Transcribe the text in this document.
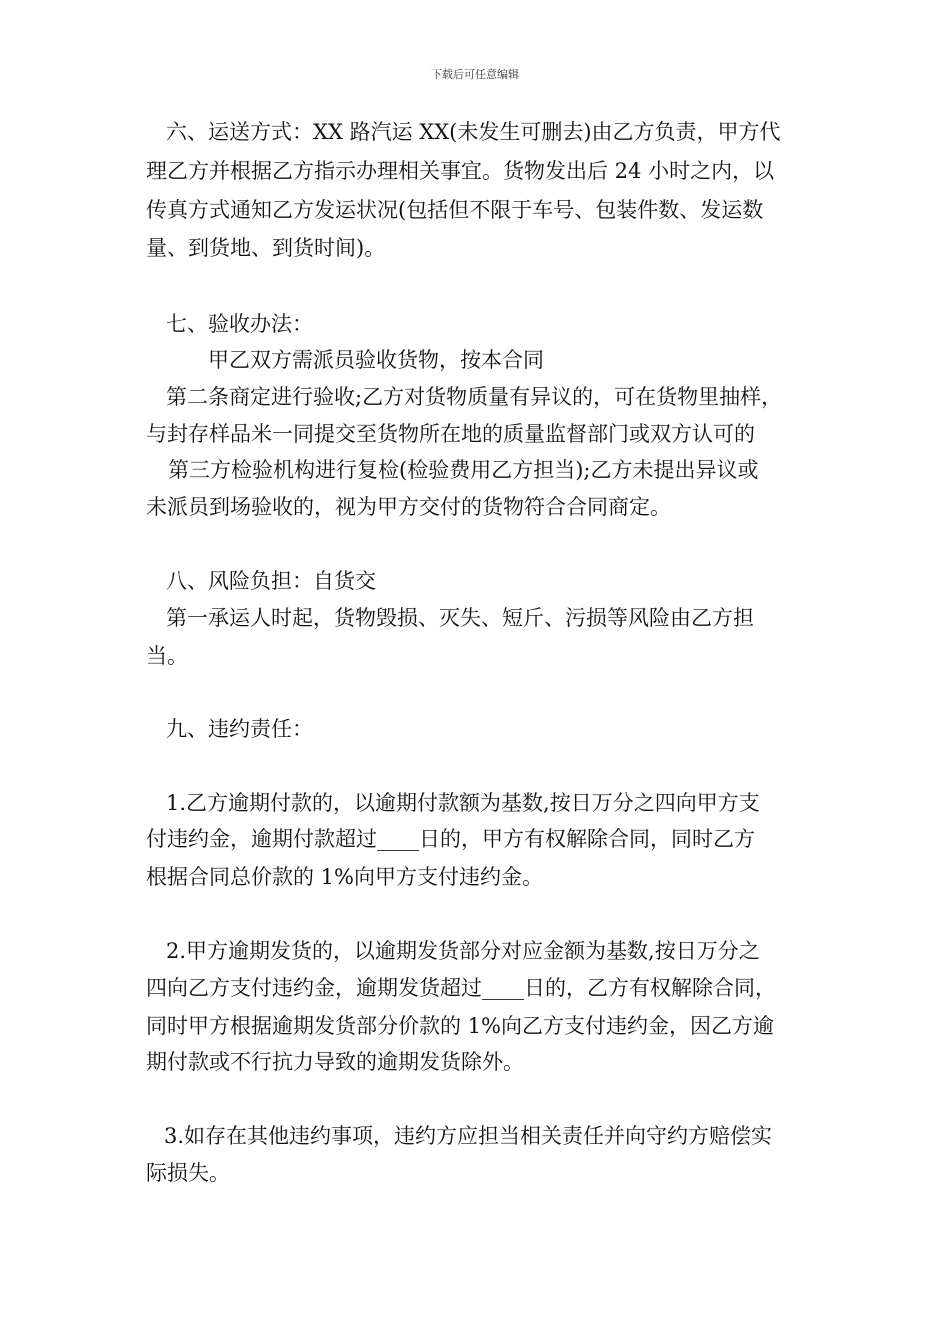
下载后可任意编辑
六、运送方式：XX 路汽运 XX(未发生可删去)由乙方负责，甲方代
理乙方并根据乙方指示办理相关事宜。货物发出后 24 小时之内，以
传真方式通知乙方发运状况(包括但不限于车号、包装件数、发运数
量、到货地、到货时间)。
七、验收办法：
甲乙双方需派员验收货物，按本合同
第二条商定进行验收;乙方对货物质量有异议的，可在货物里抽样，
与封存样品米一同提交至货物所在地的质量监督部门或双方认可的
第三方检验机构进行复检(检验费用乙方担当);乙方未提出异议或
未派员到场验收的，视为甲方交付的货物符合合同商定。
八、风险负担：自货交
第一承运人时起，货物毁损、灭失、短斤、污损等风险由乙方担
当。
九、违约责任：
1.乙方逾期付款的，以逾期付款额为基数,按日万分之四向甲方支
付违约金，逾期付款超过____日的，甲方有权解除合同，同时乙方
根据合同总价款的 1%向甲方支付违约金。
2.甲方逾期发货的，以逾期发货部分对应金额为基数,按日万分之
四向乙方支付违约金，逾期发货超过____日的，乙方有权解除合同，
同时甲方根据逾期发货部分价款的 1%向乙方支付违约金，因乙方逾
期付款或不行抗力导致的逾期发货除外。
3.如存在其他违约事项，违约方应担当相关责任并向守约方赔偿实
际损失。
